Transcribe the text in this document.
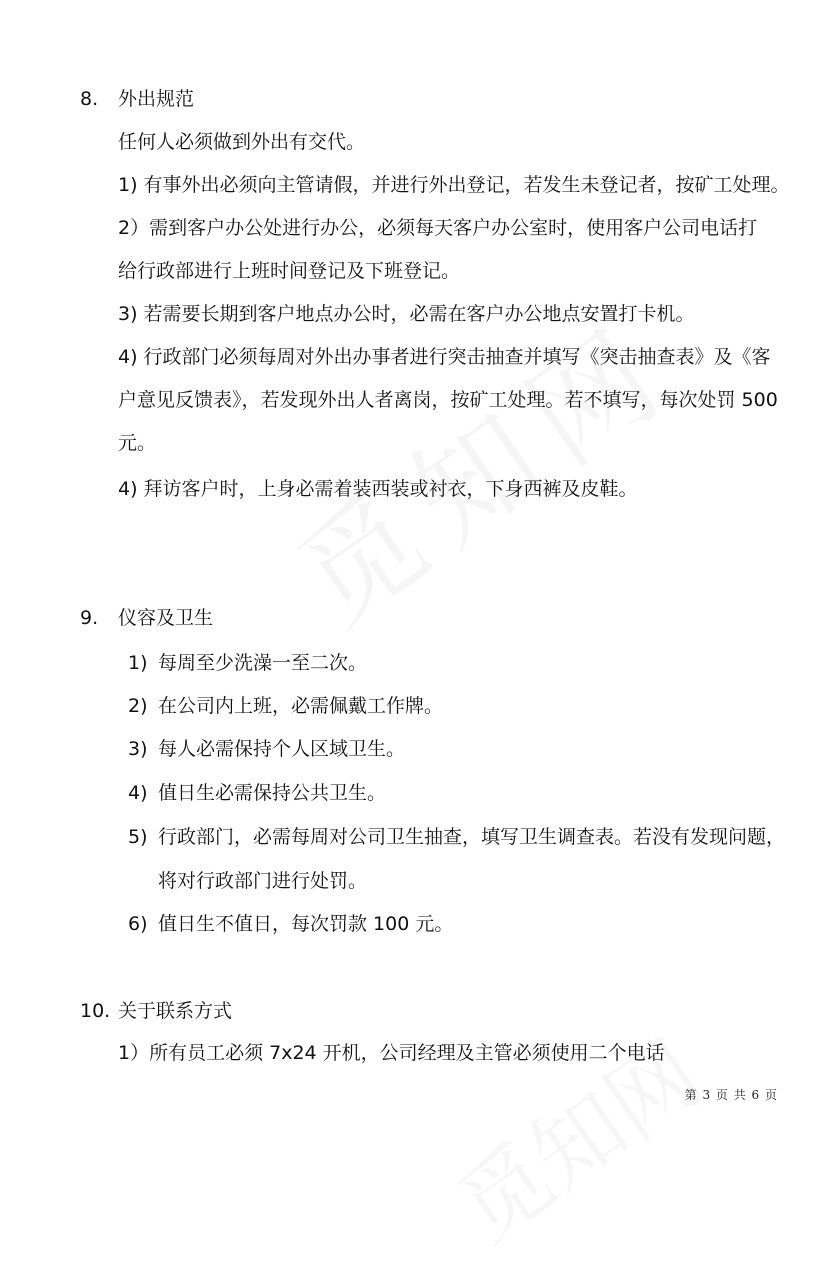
8. 外出规范
任何人必须做到外出有交代。
1) 有事外出必须向主管请假，并进行外出登记，若发生未登记者，按矿工处理。
2）需到客户办公处进行办公，必须每天客户办公室时，使用客户公司电话打
给行政部进行上班时间登记及下班登记。
3) 若需要长期到客户地点办公时，必需在客户办公地点安置打卡机。
4) 行政部门必须每周对外出办事者进行突击抽查并填写《突击抽查表》及《客
户意见反馈表》，若发现外出人者离岗，按矿工处理。若不填写，每次处罚 500
元。
4) 拜访客户时，上身必需着装西装或衬衣，下身西裤及皮鞋。
9. 仪容及卫生
1) 每周至少洗澡一至二次。
2) 在公司内上班，必需佩戴工作牌。
3) 每人必需保持个人区域卫生。
4) 值日生必需保持公共卫生。
5) 行政部门，必需每周对公司卫生抽查，填写卫生调查表。若没有发现问题，
将对行政部门进行处罚。
6) 值日生不值日，每次罚款 100 元。
10. 关于联系方式
1）所有员工必须 7x24 开机，公司经理及主管必须使用二个电话
第 3 页 共 6 页
